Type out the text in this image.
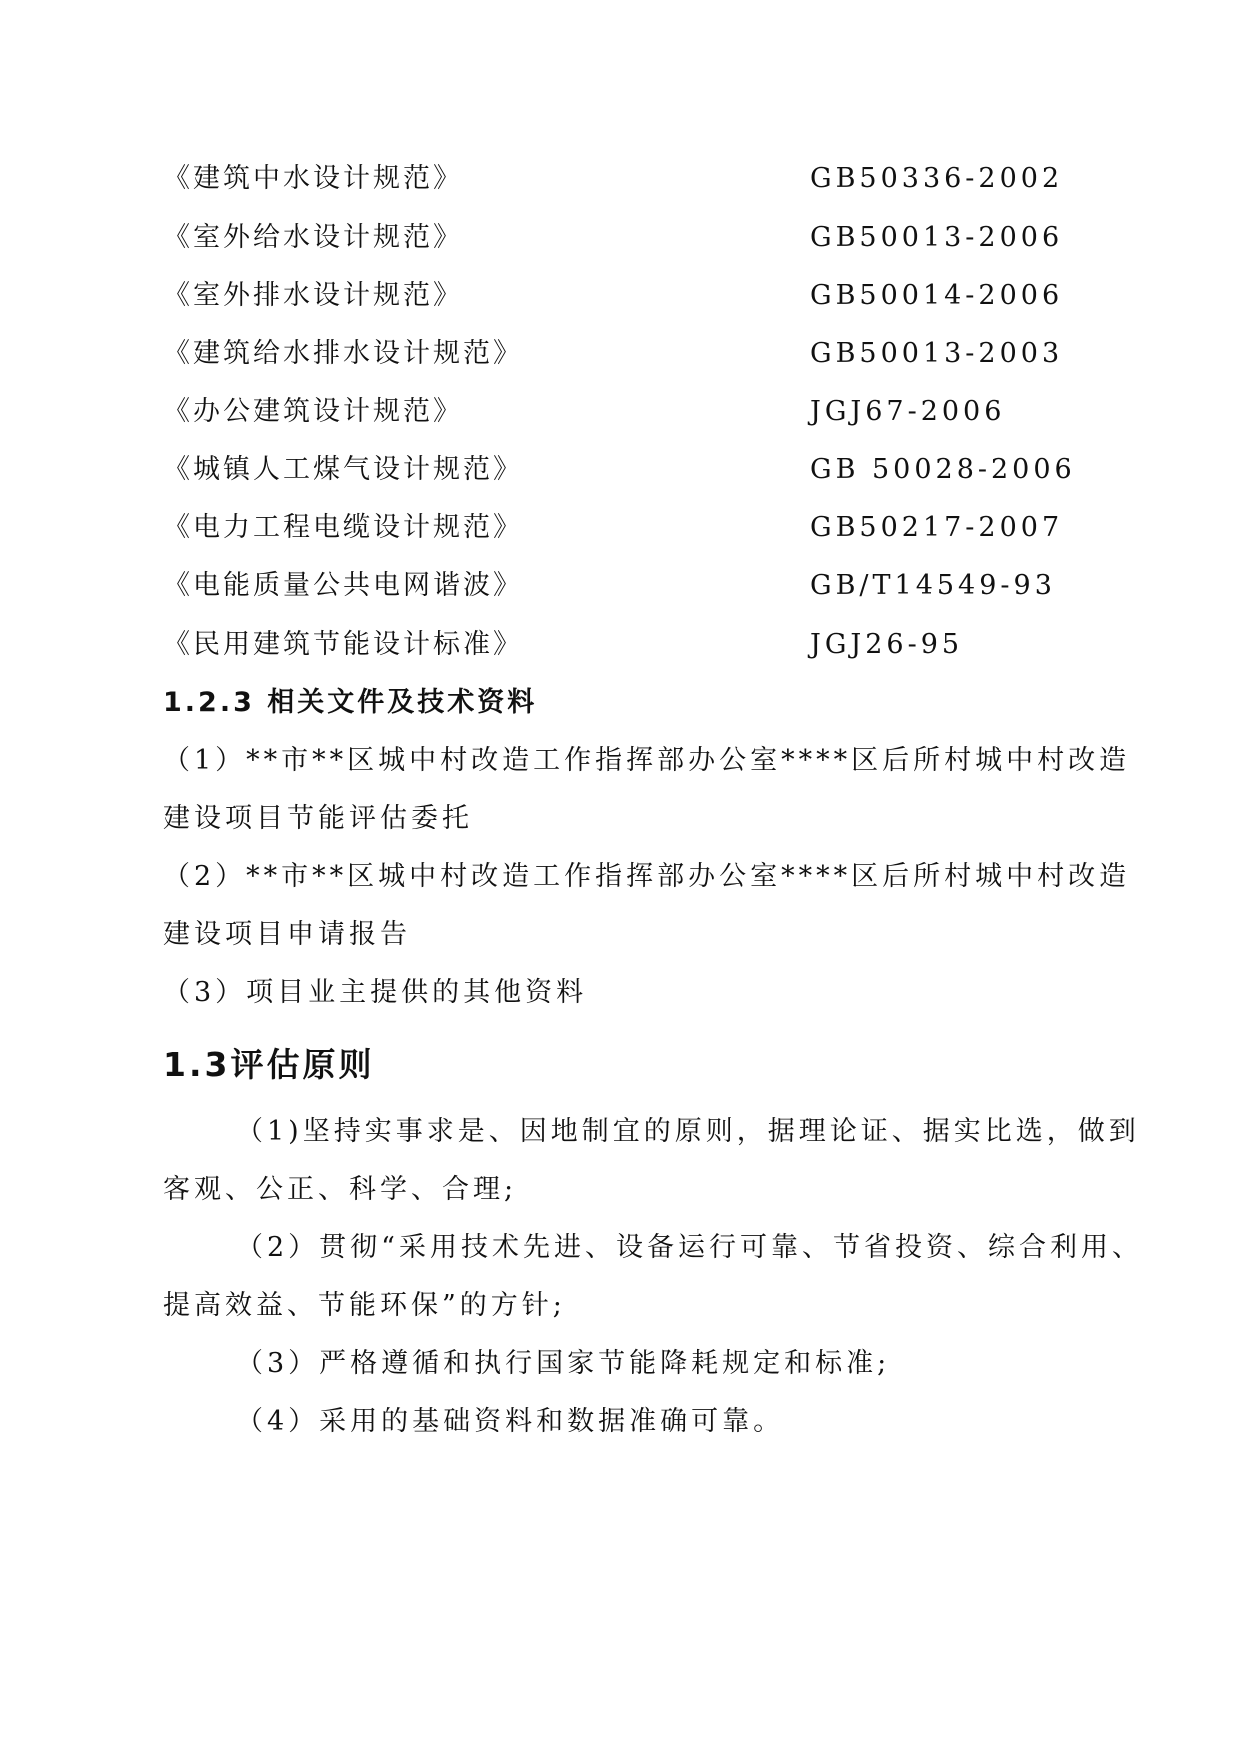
《建筑中水设计规范》	GB50336-2002
《室外给水设计规范》	GB50013-2006
《室外排水设计规范》	GB50014-2006
《建筑给水排水设计规范》	GB50013-2003
《办公建筑设计规范》	JGJ67-2006
《城镇人工煤气设计规范》	GB 50028-2006
《电力工程电缆设计规范》	GB50217-2007
《电能质量公共电网谐波》	GB/T14549-93
《民用建筑节能设计标准》	JGJ26-95
1.2.3 相关文件及技术资料
（1）**市**区城中村改造工作指挥部办公室****区后所村城中村改造
建设项目节能评估委托
（2）**市**区城中村改造工作指挥部办公室****区后所村城中村改造
建设项目申请报告
（3）项目业主提供的其他资料
1.3评估原则
（1)坚持实事求是、因地制宜的原则，据理论证、据实比选，做到
客观、公正、科学、合理;
（2）贯彻“采用技术先进、设备运行可靠、节省投资、综合利用、
提高效益、节能环保”的方针;
（3）严格遵循和执行国家节能降耗规定和标准;
（4）采用的基础资料和数据准确可靠。
